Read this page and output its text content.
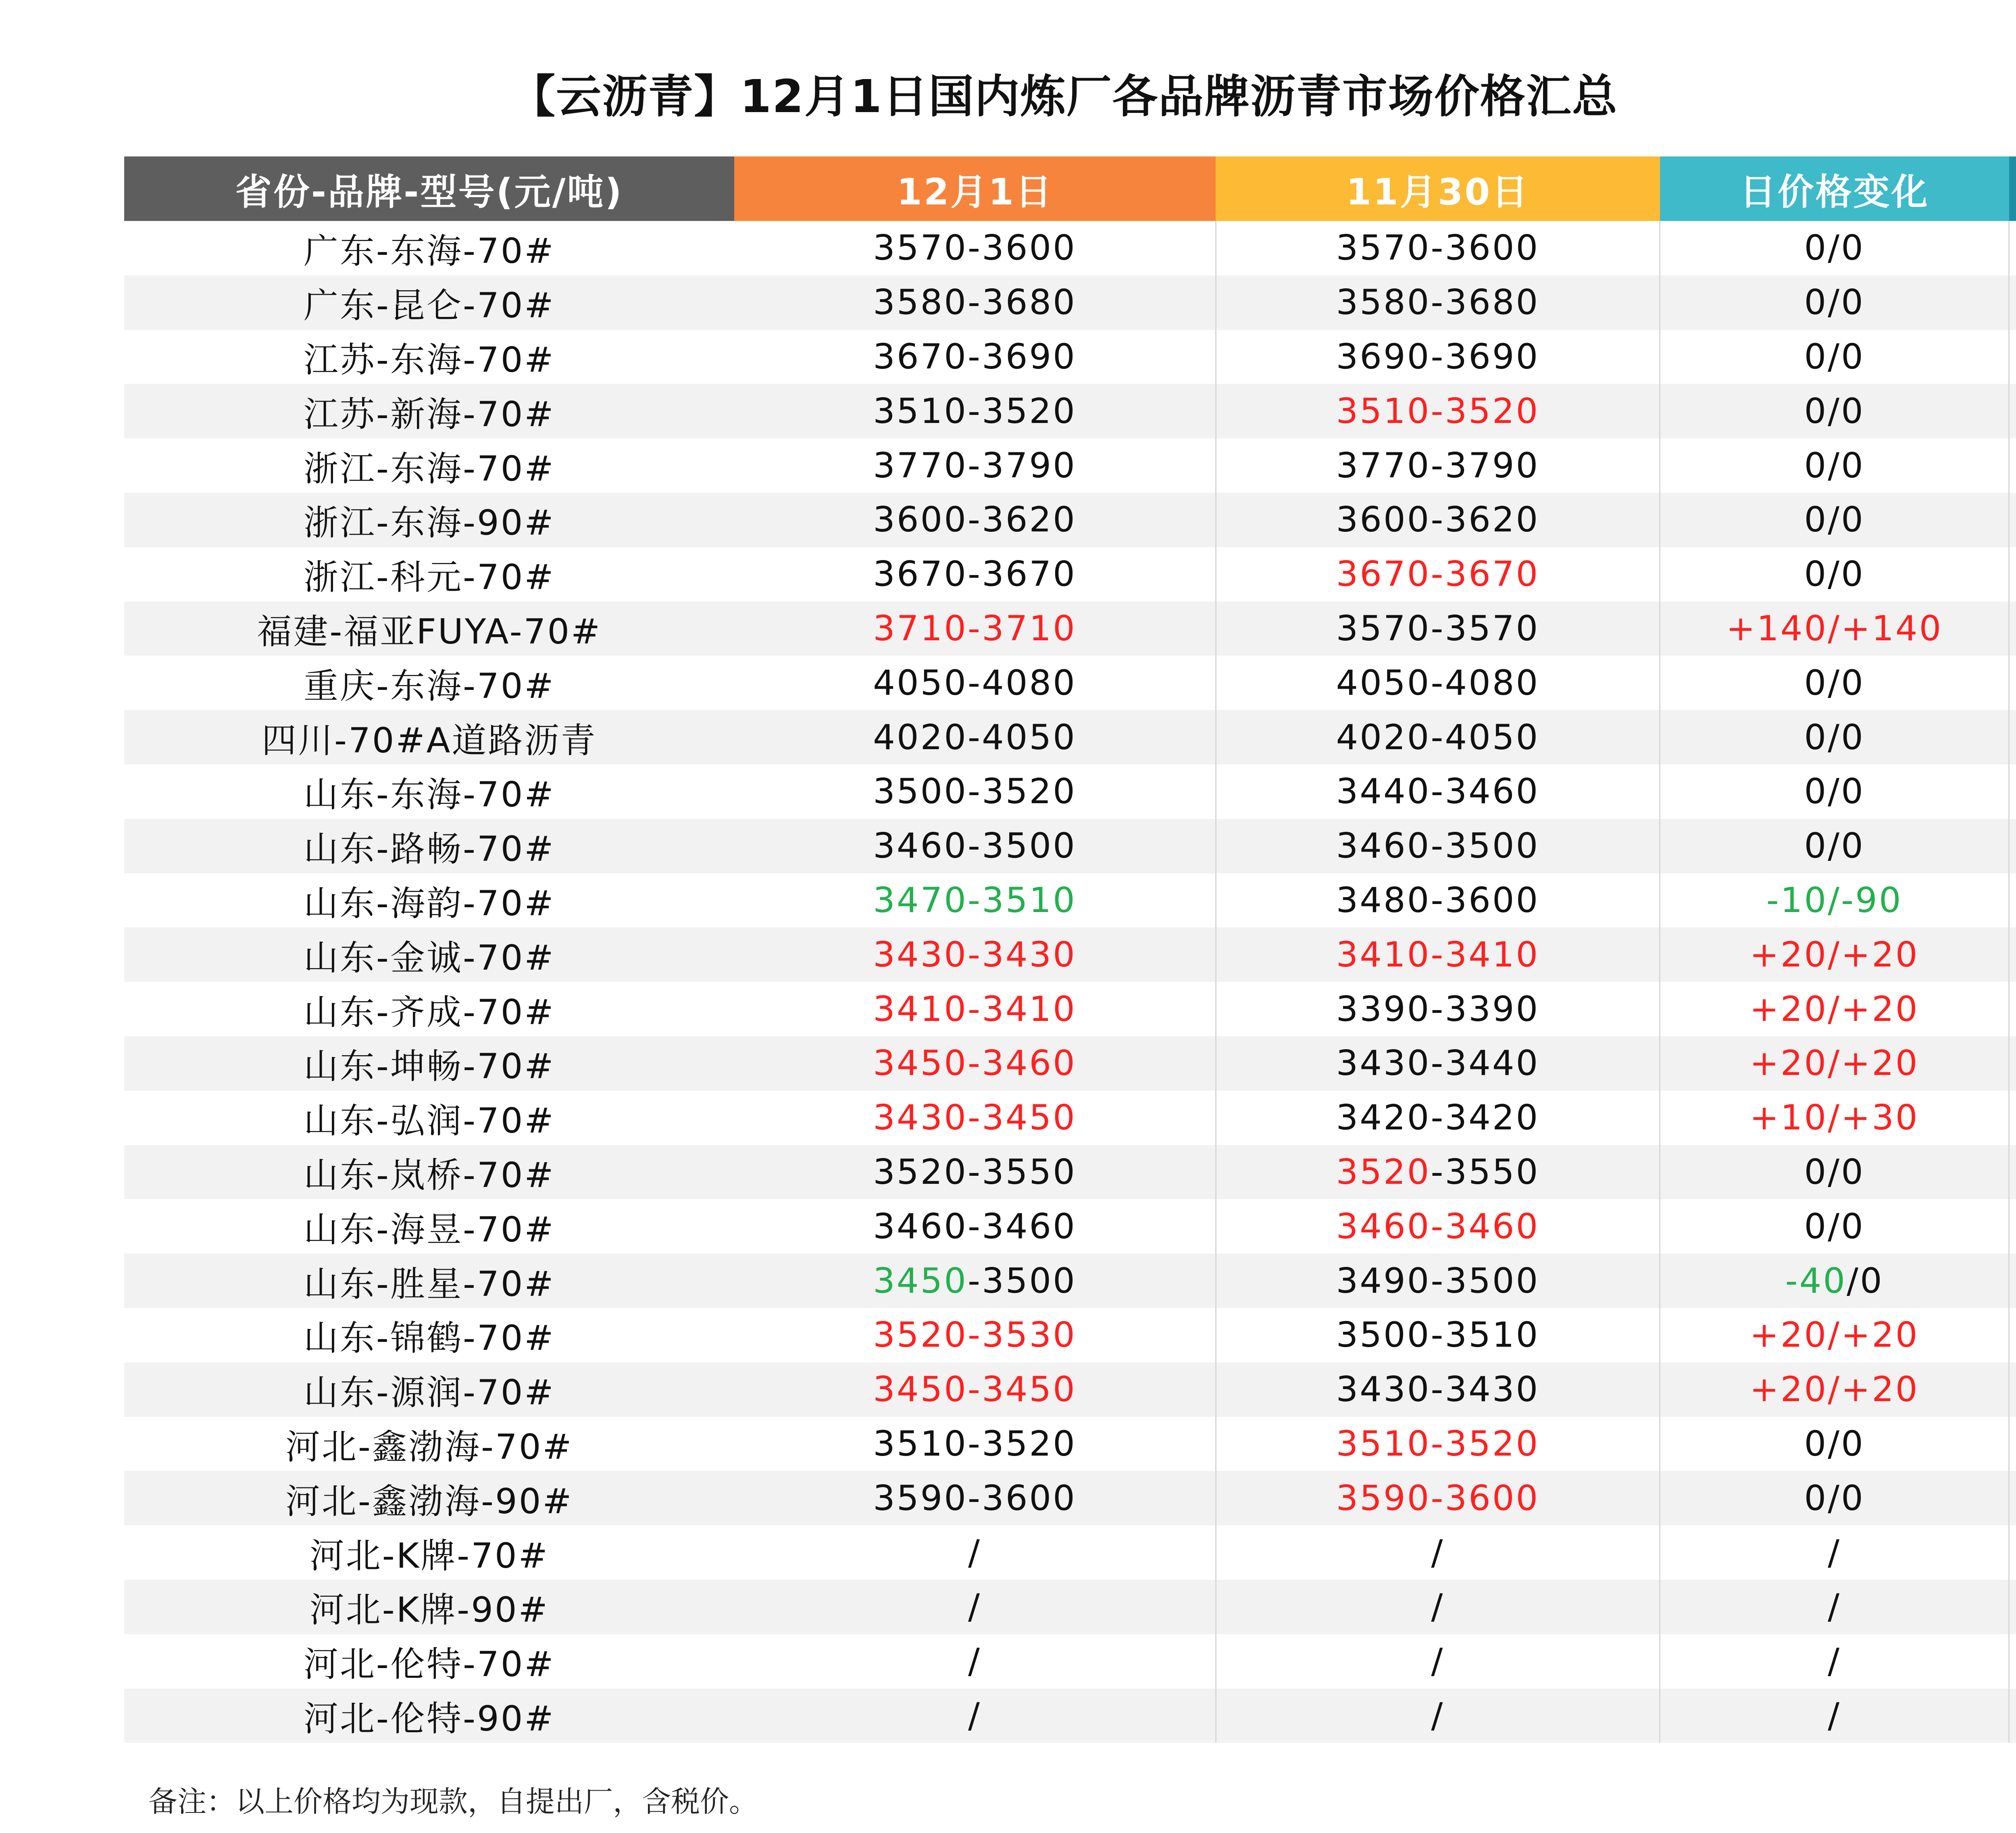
【云沥青】12月1日国内炼厂各品牌沥青市场价格汇总
省份-品牌-型号(元/吨)	12月1日	11月30日	日价格变化	
广东-东海-70#	3570-3600	3570-3600	0/0	
广东-昆仑-70#	3580-3680	3580-3680	0/0	
江苏-东海-70#	3670-3690	3690-3690	0/0	
江苏-新海-70#	3510-3520	3510-3520	0/0	
浙江-东海-70#	3770-3790	3770-3790	0/0	
浙江-东海-90#	3600-3620	3600-3620	0/0	
浙江-科元-70#	3670-3670	3670-3670	0/0	
福建-福亚FUYA-70#	3710-3710	3570-3570	+140/+140	
重庆-东海-70#	4050-4080	4050-4080	0/0	
四川-70#A道路沥青	4020-4050	4020-4050	0/0	
山东-东海-70#	3500-3520	3440-3460	0/0	
山东-路畅-70#	3460-3500	3460-3500	0/0	
山东-海韵-70#	3470-3510	3480-3600	-10/-90	
山东-金诚-70#	3430-3430	3410-3410	+20/+20	
山东-齐成-70#	3410-3410	3390-3390	+20/+20	
山东-坤畅-70#	3450-3460	3430-3440	+20/+20	
山东-弘润-70#	3430-3450	3420-3420	+10/+30	
山东-岚桥-70#	3520-3550	3520-3550	0/0	
山东-海昱-70#	3460-3460	3460-3460	0/0	
山东-胜星-70#	3450-3500	3490-3500	-40/0	
山东-锦鹤-70#	3520-3530	3500-3510	+20/+20	
山东-源润-70#	3450-3450	3430-3430	+20/+20	
河北-鑫渤海-70#	3510-3520	3510-3520	0/0	
河北-鑫渤海-90#	3590-3600	3590-3600	0/0	
河北-K牌-70#	/	/	/	
河北-K牌-90#	/	/	/	
河北-伦特-70#	/	/	/	
河北-伦特-90#	/	/	/	
备注：以上价格均为现款，自提出厂，含税价。
